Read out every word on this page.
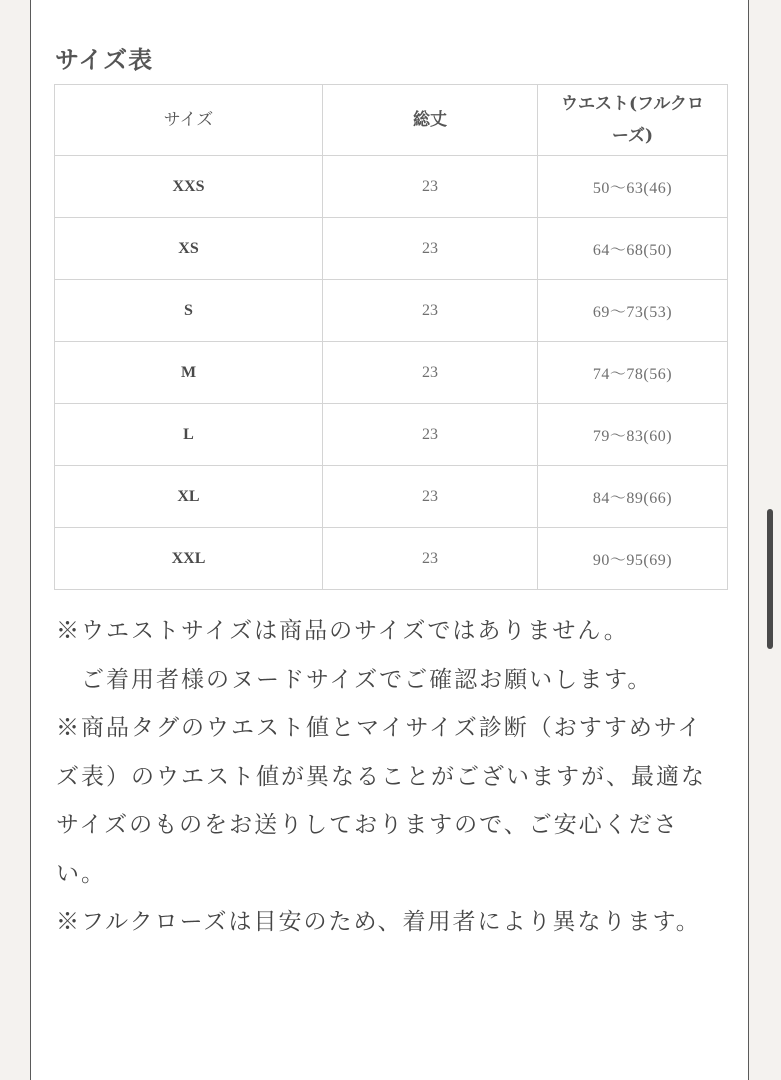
サイズ表
サイズ	総丈	ウエスト(フルクロ
ーズ)
XXS	23	50〜63(46)
XS	23	64〜68(50)
S	23	69〜73(53)
M	23	74〜78(56)
L	23	79〜83(60)
XL	23	84〜89(66)
XXL	23	90〜95(69)

※ウエストサイズは商品のサイズではありません。

　ご着用者様のヌードサイズでご確認お願いします。

※商品タグのウエスト値とマイサイズ診断（おすすめサイズ表）のウエスト値が異なることがございますが、最適なサイズのものをお送りしておりますので、ご安心ください。

※フルクローズは目安のため、着用者により異なります。
